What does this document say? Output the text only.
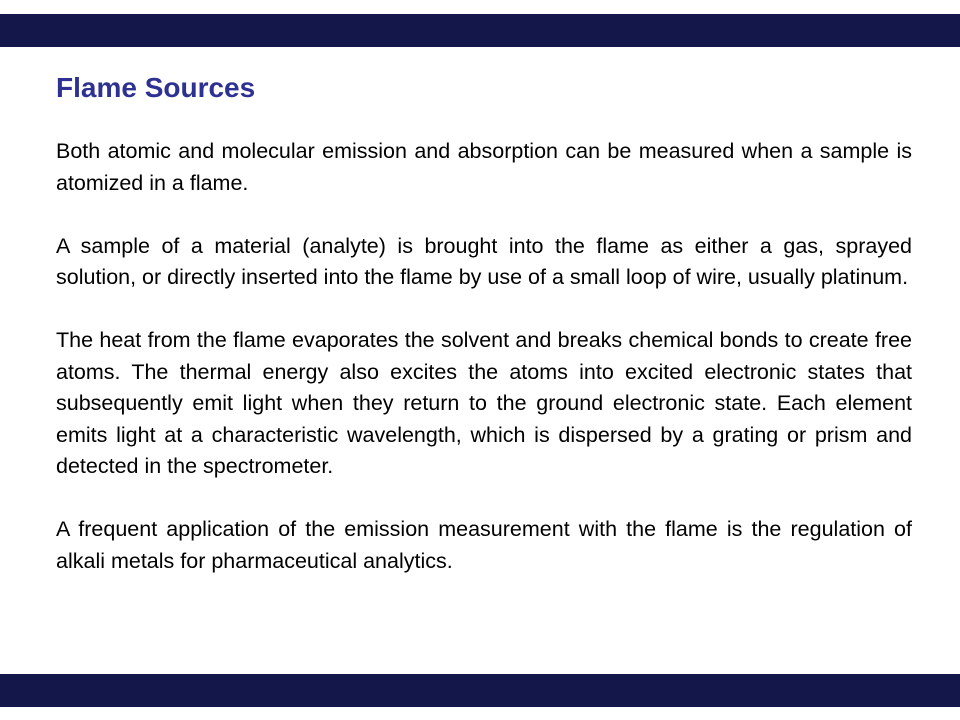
Flame Sources

Both atomic and molecular emission and absorption can be measured when a sample is atomized in a flame.

A sample of a material (analyte) is brought into the flame as either a gas, sprayed solution, or directly inserted into the flame by use of a small loop of wire, usually platinum.

The heat from the flame evaporates the solvent and breaks chemical bonds to create free atoms. The thermal energy also excites the atoms into excited electronic states that subsequently emit light when they return to the ground electronic state. Each element emits light at a characteristic wavelength, which is dispersed by a grating or prism and detected in the spectrometer.

A frequent application of the emission measurement with the flame is the regulation of alkali metals for pharmaceutical analytics.
